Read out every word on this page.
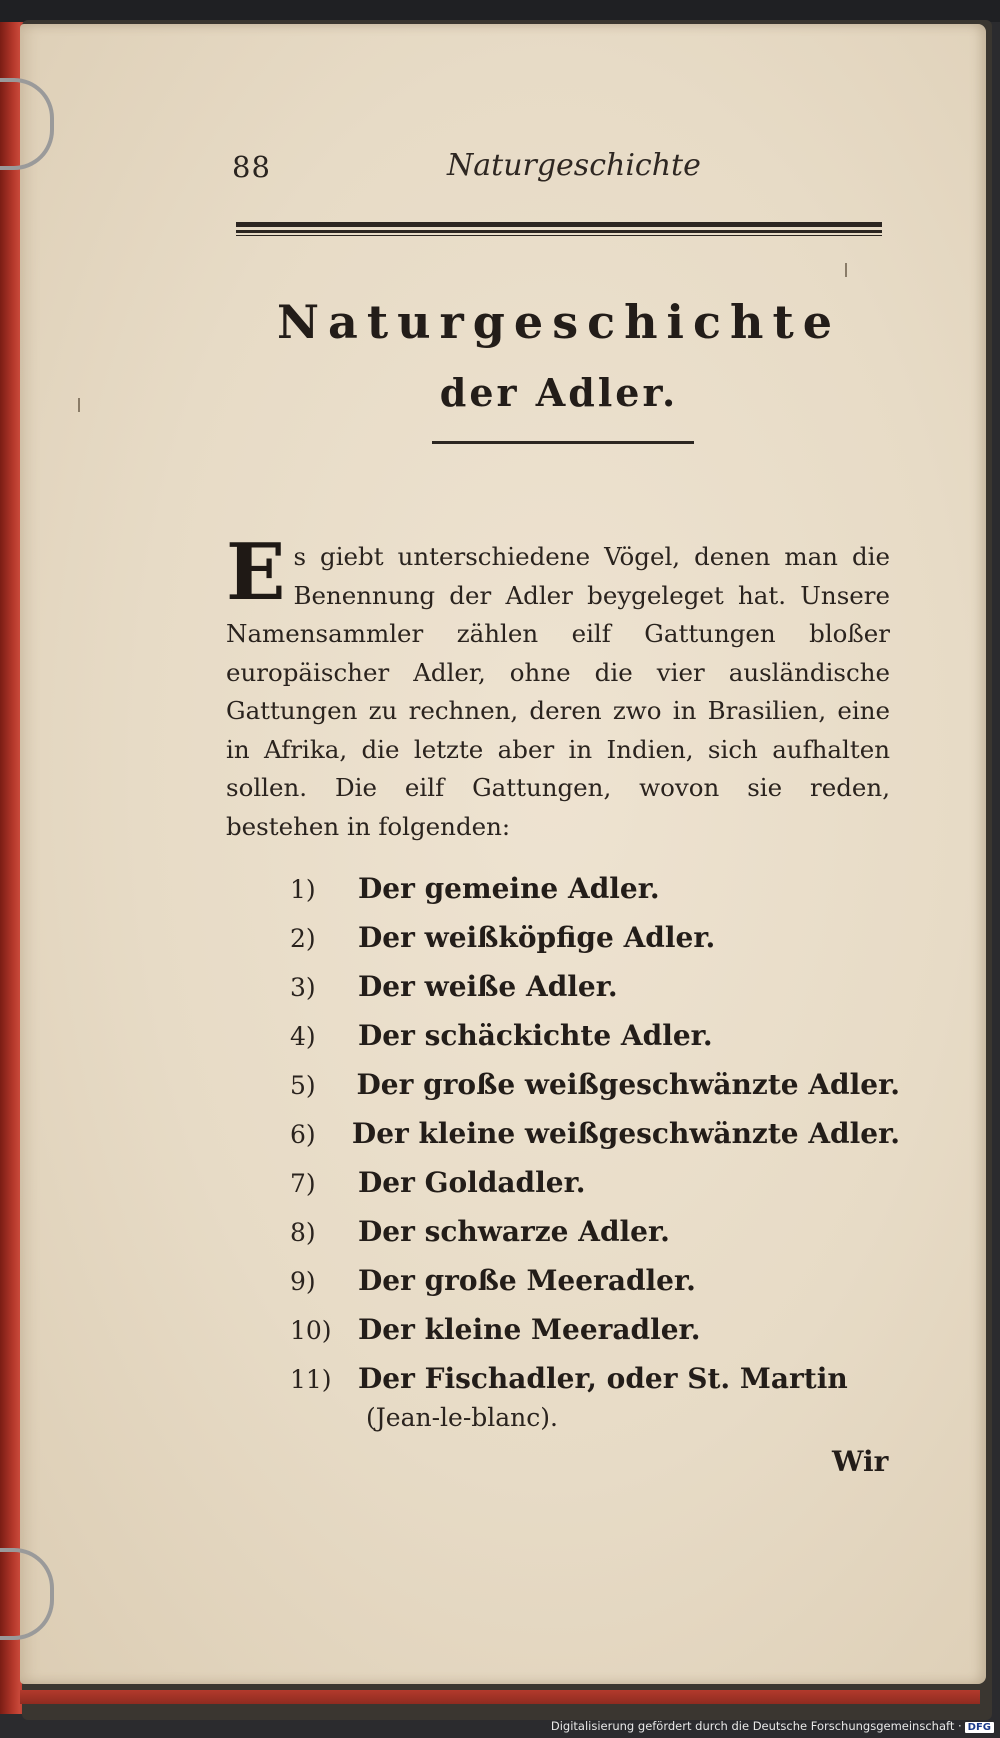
88	Naturgeschichte
Naturgeschichte
der Adler.
Es giebt unterschiedene Vögel, denen man die Benennung der Adler beygeleget hat. Unsere Namensammler zählen eilf Gattungen bloßer europäischer Adler, ohne die vier ausländische Gattungen zu rechnen, deren zwo in Brasilien, eine in Afrika, die letzte aber in Indien, sich aufhalten sollen. Die eilf Gattungen, wovon sie reden, bestehen in folgenden:
1)	Der gemeine Adler.
2)	Der weißköpfige Adler.
3)	Der weiße Adler.
4)	Der schäckichte Adler.
5)	Der große weißgeschwänzte Adler.
6)	Der kleine weißgeschwänzte Adler.
7)	Der Goldadler.
8)	Der schwarze Adler.
9)	Der große Meeradler.
10) Der kleine Meeradler.
11) Der Fischadler, oder St. Martin
(Jean-le-blanc).
Wir
Digitalisierung gefördert durch die Deutsche Forschungsgemeinschaft · DFG
